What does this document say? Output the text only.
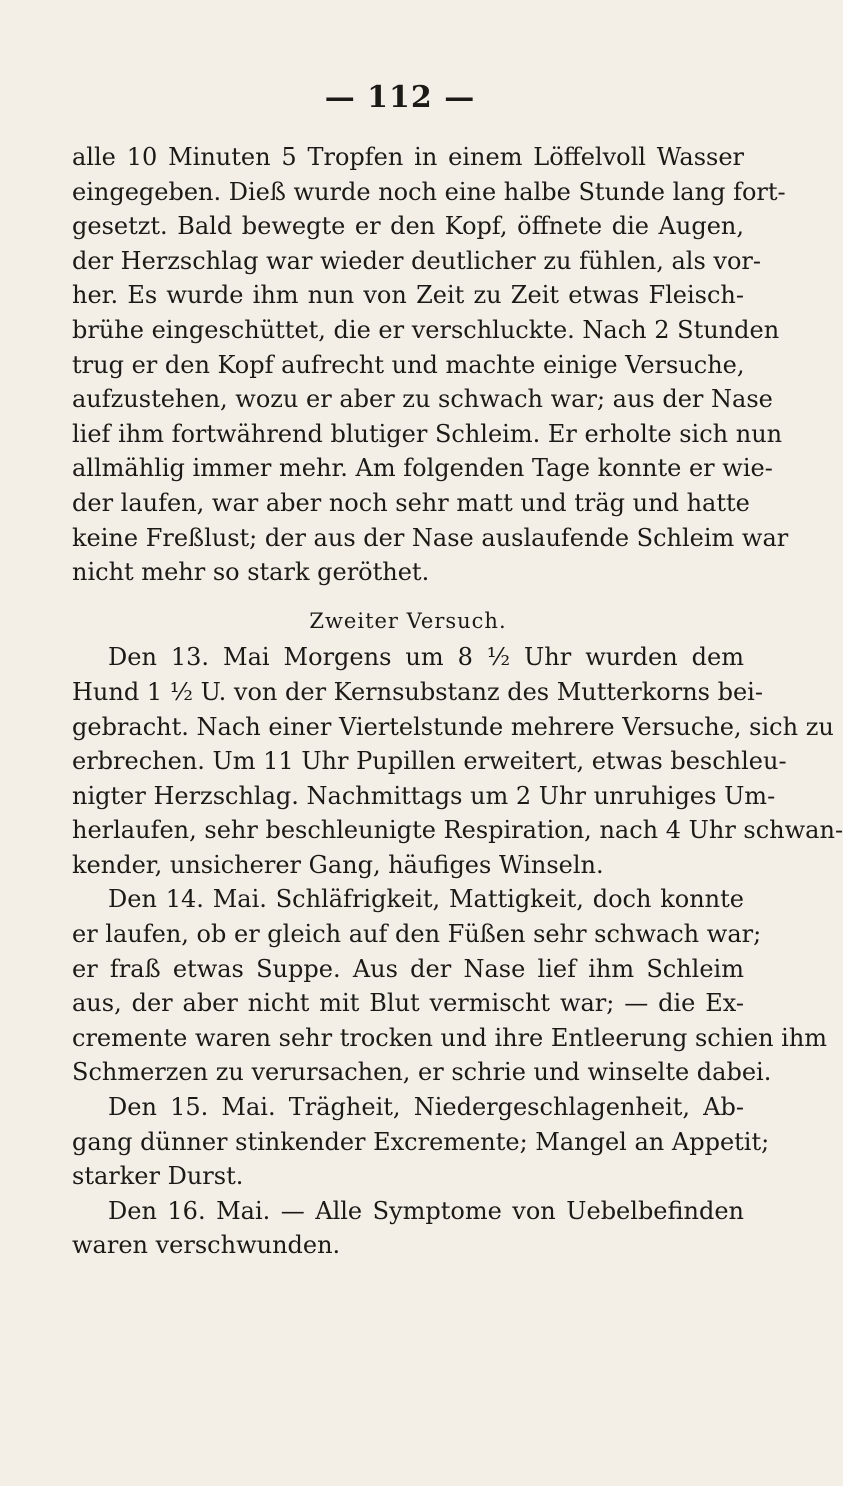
— 112 —
alle 10 Minuten 5 Tropfen in einem Löffelvoll Wasser
eingegeben. Dieß wurde noch eine halbe Stunde lang fort-
gesetzt. Bald bewegte er den Kopf, öffnete die Augen,
der Herzschlag war wieder deutlicher zu fühlen, als vor-
her. Es wurde ihm nun von Zeit zu Zeit etwas Fleisch-
brühe eingeschüttet, die er verschluckte. Nach 2 Stunden
trug er den Kopf aufrecht und machte einige Versuche,
aufzustehen, wozu er aber zu schwach war; aus der Nase
lief ihm fortwährend blutiger Schleim. Er erholte sich nun
allmählig immer mehr. Am folgenden Tage konnte er wie-
der laufen, war aber noch sehr matt und träg und hatte
keine Freßlust; der aus der Nase auslaufende Schleim war
nicht mehr so stark geröthet.
Zweiter Versuch.
Den 13. Mai Morgens um 8 ½ Uhr wurden dem
Hund 1 ½ U. von der Kernsubstanz des Mutterkorns bei-
gebracht. Nach einer Viertelstunde mehrere Versuche, sich zu
erbrechen. Um 11 Uhr Pupillen erweitert, etwas beschleu-
nigter Herzschlag. Nachmittags um 2 Uhr unruhiges Um-
herlaufen, sehr beschleunigte Respiration, nach 4 Uhr schwan-
kender, unsicherer Gang, häufiges Winseln.
Den 14. Mai. Schläfrigkeit, Mattigkeit, doch konnte
er laufen, ob er gleich auf den Füßen sehr schwach war;
er fraß etwas Suppe. Aus der Nase lief ihm Schleim
aus, der aber nicht mit Blut vermischt war; — die Ex-
cremente waren sehr trocken und ihre Entleerung schien ihm
Schmerzen zu verursachen, er schrie und winselte dabei.
Den 15. Mai. Trägheit, Niedergeschlagenheit, Ab-
gang dünner stinkender Excremente; Mangel an Appetit;
starker Durst.
Den 16. Mai. — Alle Symptome von Uebelbefinden
waren verschwunden.
